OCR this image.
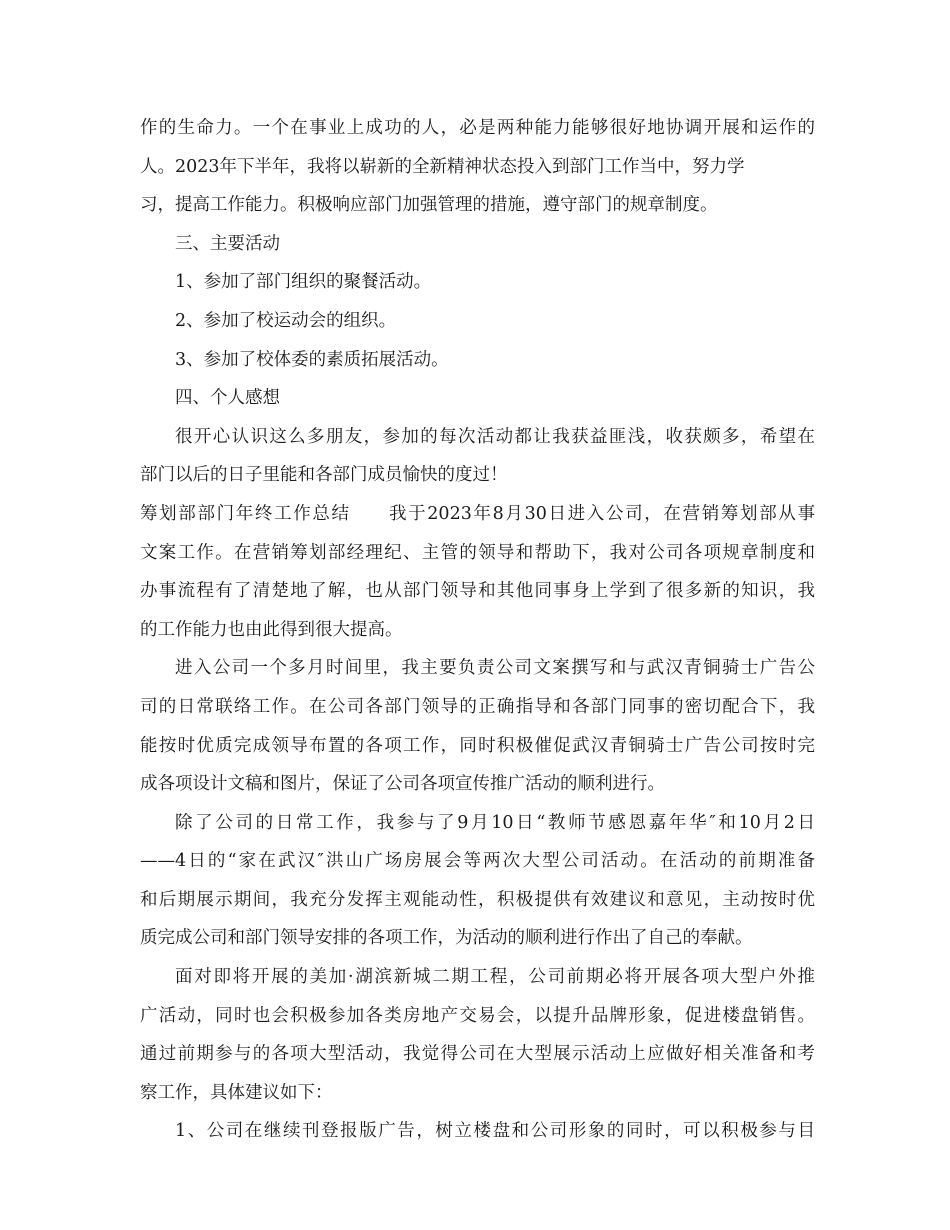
作的生命力。一个在事业上成功的人，必是两种能力能够很好地协调开展和运作的
人。2023年下半年，我将以崭新的全新精神状态投入到部门工作当中，努力学
习，提高工作能力。积极响应部门加强管理的措施，遵守部门的规章制度。
三、主要活动
1、参加了部门组织的聚餐活动。
2、参加了校运动会的组织。
3、参加了校体委的素质拓展活动。
四、个人感想
很开心认识这么多朋友，参加的每次活动都让我获益匪浅，收获颇多，希望在
部门以后的日子里能和各部门成员愉快的度过！
筹划部部门年终工作总结　　我于2023年8月30日进入公司，在营销筹划部从事
文案工作。在营销筹划部经理纪、主管的领导和帮助下，我对公司各项规章制度和
办事流程有了清楚地了解，也从部门领导和其他同事身上学到了很多新的知识，我
的工作能力也由此得到很大提高。
进入公司一个多月时间里，我主要负责公司文案撰写和与武汉青铜骑士广告公
司的日常联络工作。在公司各部门领导的正确指导和各部门同事的密切配合下，我
能按时优质完成领导布置的各项工作，同时积极催促武汉青铜骑士广告公司按时完
成各项设计文稿和图片，保证了公司各项宣传推广活动的顺利进行。
除了公司的日常工作，我参与了9月10日“教师节感恩嘉年华″和10月2日
——4日的“家在武汉″洪山广场房展会等两次大型公司活动。在活动的前期准备
和后期展示期间，我充分发挥主观能动性，积极提供有效建议和意见，主动按时优
质完成公司和部门领导安排的各项工作，为活动的顺利进行作出了自己的奉献。
面对即将开展的美加·湖滨新城二期工程，公司前期必将开展各项大型户外推
广活动，同时也会积极参加各类房地产交易会，以提升品牌形象，促进楼盘销售。
通过前期参与的各项大型活动，我觉得公司在大型展示活动上应做好相关准备和考
察工作，具体建议如下：
1、公司在继续刊登报版广告，树立楼盘和公司形象的同时，可以积极参与目
